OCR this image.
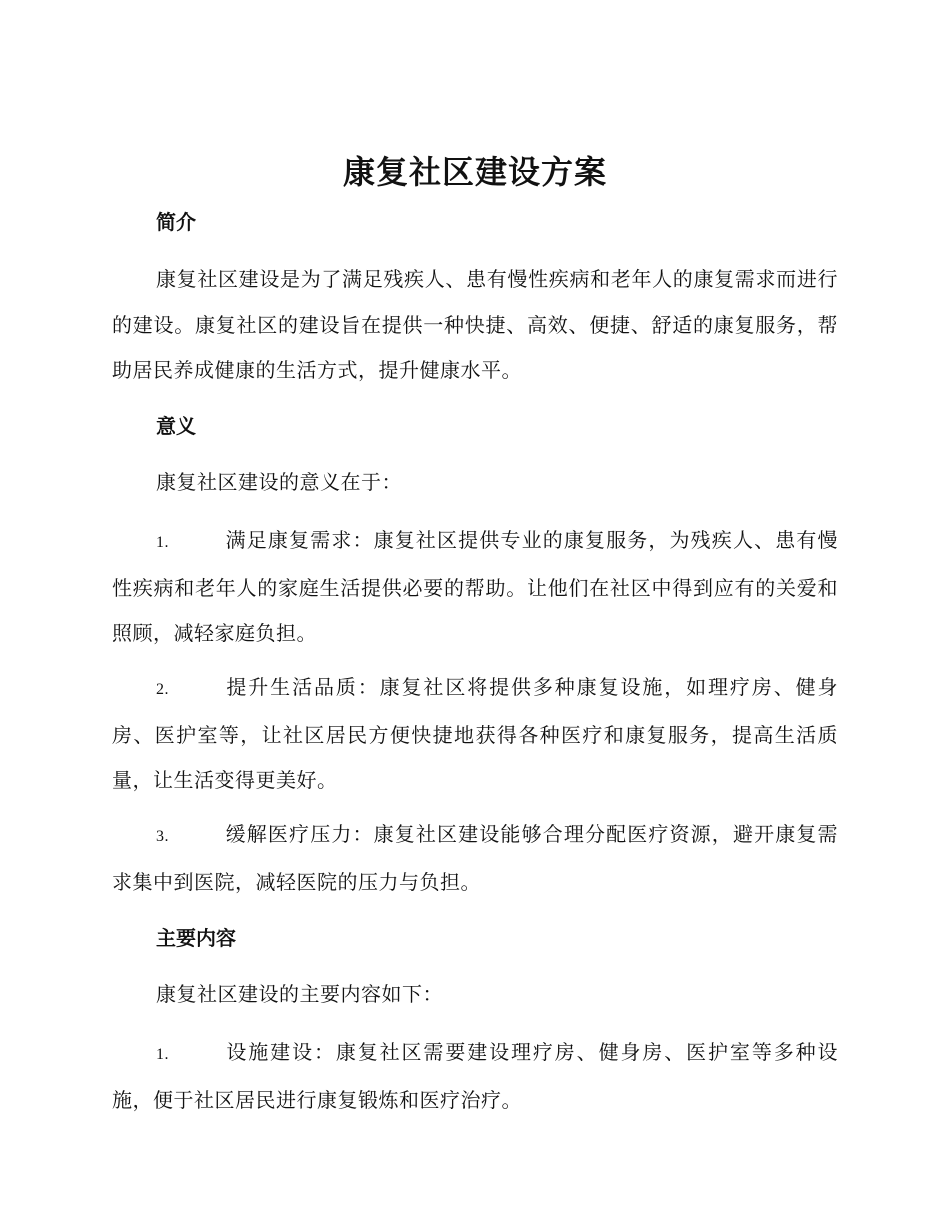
康复社区建设方案
简介

康复社区建设是为了满足残疾人、患有慢性疾病和老年人的康复需求而进行的建设。康复社区的建设旨在提供一种快捷、高效、便捷、舒适的康复服务，帮助居民养成健康的生活方式，提升健康水平。

意义

康复社区建设的意义在于：

1.	满足康复需求：康复社区提供专业的康复服务，为残疾人、患有慢性疾病和老年人的家庭生活提供必要的帮助。让他们在社区中得到应有的关爱和照顾，减轻家庭负担。

2.	提升生活品质：康复社区将提供多种康复设施，如理疗房、健身房、医护室等，让社区居民方便快捷地获得各种医疗和康复服务，提高生活质量，让生活变得更美好。

3.	缓解医疗压力：康复社区建设能够合理分配医疗资源，避开康复需求集中到医院，减轻医院的压力与负担。

主要内容

康复社区建设的主要内容如下：

1.	设施建设：康复社区需要建设理疗房、健身房、医护室等多种设施，便于社区居民进行康复锻炼和医疗治疗。
